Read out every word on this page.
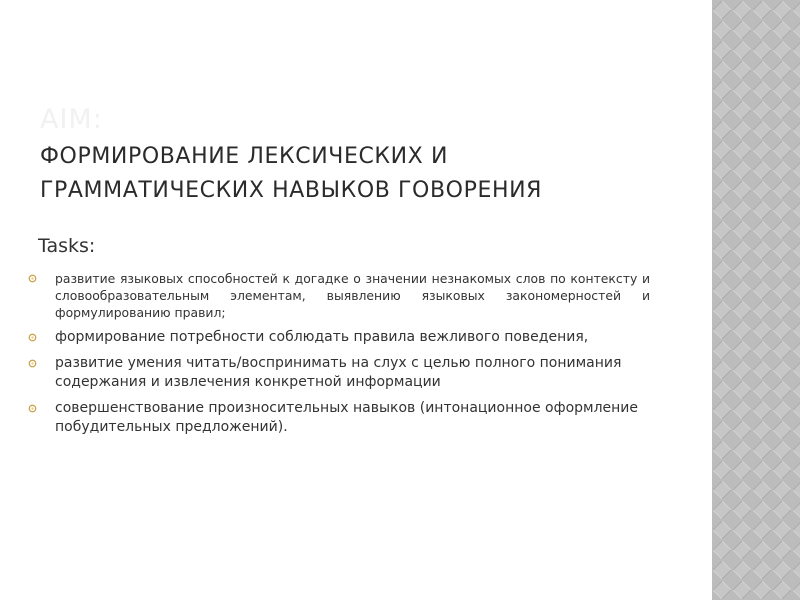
AIM:
ФОРМИРОВАНИЕ ЛЕКСИЧЕСКИХ И
ГРАММАТИЧЕСКИХ НАВЫКОВ ГОВОРЕНИЯ
Tasks:
развитие языковых способностей к догадке о значении незнакомых слов по контексту и словообразовательным элементам, выявлению языковых закономерностей и формулированию правил;
формирование потребности соблюдать правила вежливого поведения,
развитие умения читать/воспринимать на слух с целью полного понимания содержания и извлечения конкретной информации
совершенствование произносительных навыков (интонационное оформление побудительных предложений).
